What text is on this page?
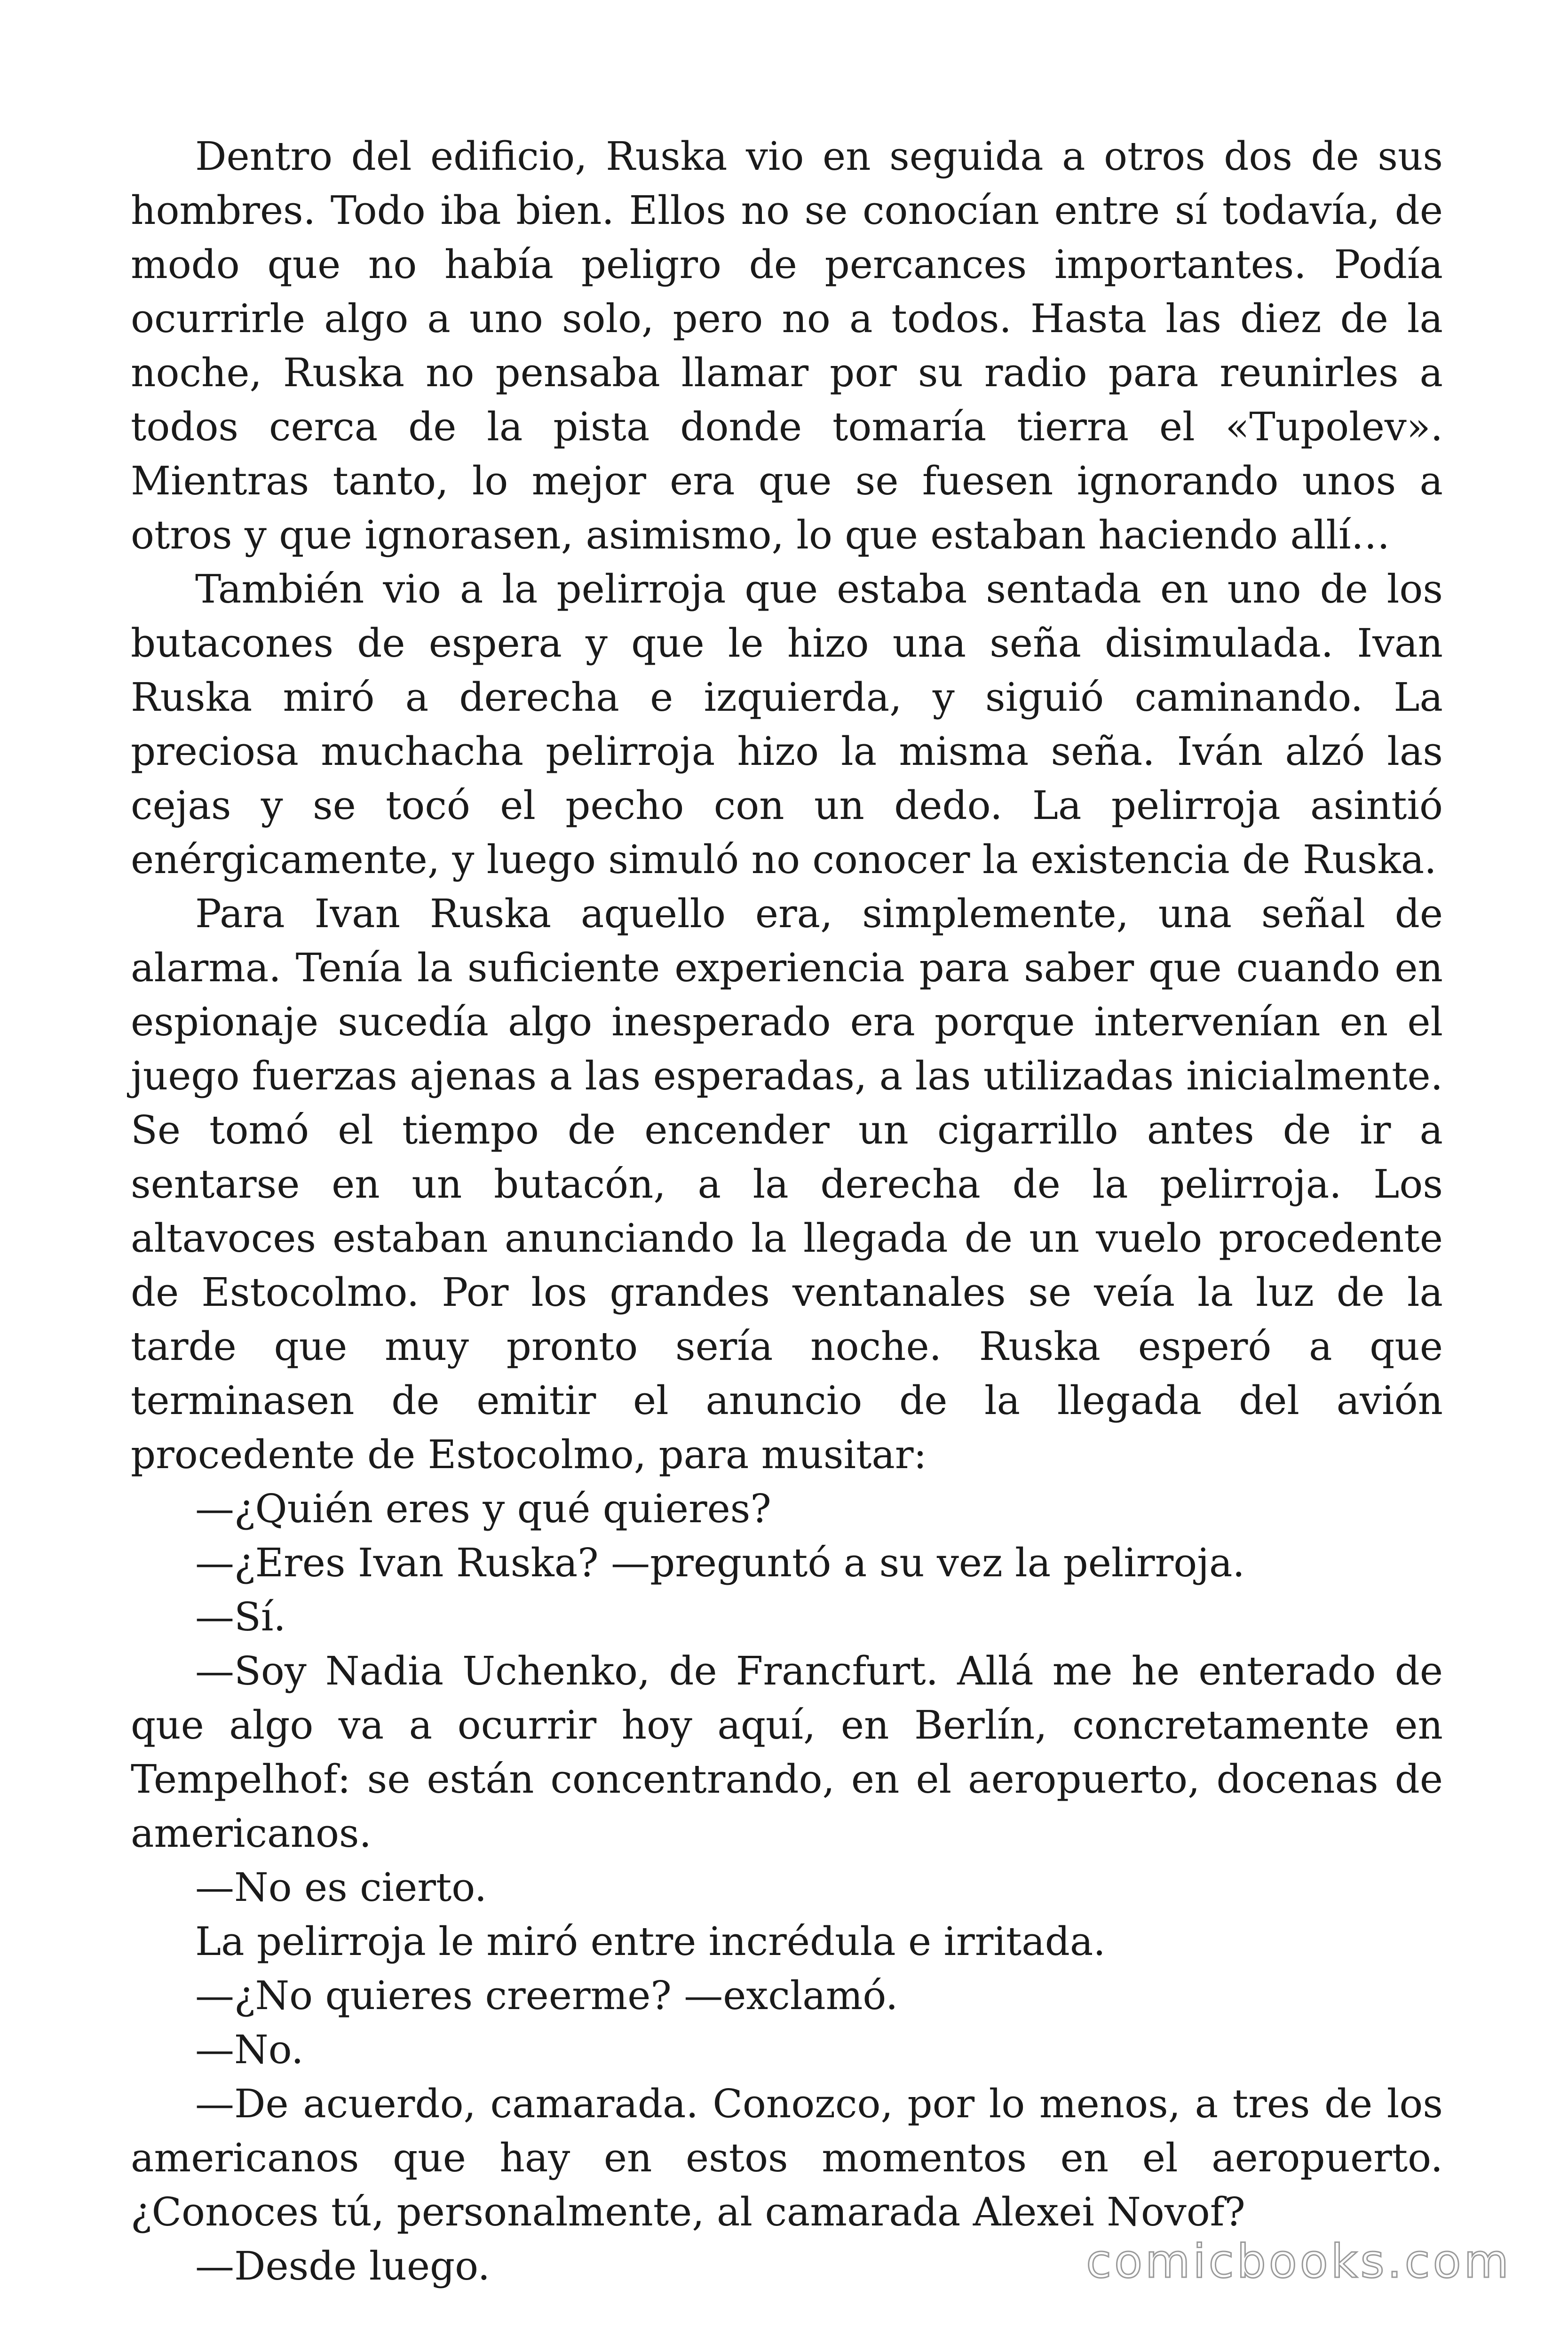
Dentro del edificio, Ruska vio en seguida a otros dos de sus hombres. Todo iba bien. Ellos no se conocían entre sí todavía, de modo que no había peligro de percances importantes. Podía ocurrirle algo a uno solo, pero no a todos. Hasta las diez de la noche, Ruska no pensaba llamar por su radio para reunirles a todos cerca de la pista donde tomaría tierra el «Tupolev». Mientras tanto, lo mejor era que se fuesen ignorando unos a otros y que ignorasen, asimismo, lo que estaban haciendo allí…

También vio a la pelirroja que estaba sentada en uno de los butacones de espera y que le hizo una seña disimulada. Ivan Ruska miró a derecha e izquierda, y siguió caminando. La preciosa muchacha pelirroja hizo la misma seña. Iván alzó las cejas y se tocó el pecho con un dedo. La pelirroja asintió enérgicamente, y luego simuló no conocer la existencia de Ruska.

Para Ivan Ruska aquello era, simplemente, una señal de alarma. Tenía la suficiente experiencia para saber que cuando en espionaje sucedía algo inesperado era porque intervenían en el juego fuerzas ajenas a las esperadas, a las utilizadas inicialmente. Se tomó el tiempo de encender un cigarrillo antes de ir a sentarse en un butacón, a la derecha de la pelirroja. Los altavoces estaban anunciando la llegada de un vuelo procedente de Estocolmo. Por los grandes ventanales se veía la luz de la tarde que muy pronto sería noche. Ruska esperó a que terminasen de emitir el anuncio de la llegada del avión procedente de Estocolmo, para musitar:

—¿Quién eres y qué quieres?

—¿Eres Ivan Ruska? —preguntó a su vez la pelirroja.

—Sí.

—Soy Nadia Uchenko, de Francfurt. Allá me he enterado de que algo va a ocurrir hoy aquí, en Berlín, concretamente en Tempelhof: se están concentrando, en el aeropuerto, docenas de americanos.

—No es cierto.

La pelirroja le miró entre incrédula e irritada.

—¿No quieres creerme? —exclamó.

—No.

—De acuerdo, camarada. Conozco, por lo menos, a tres de los americanos que hay en estos momentos en el aeropuerto. ¿Conoces tú, personalmente, al camarada Alexei Novof?

—Desde luego.	comicbooks.com
